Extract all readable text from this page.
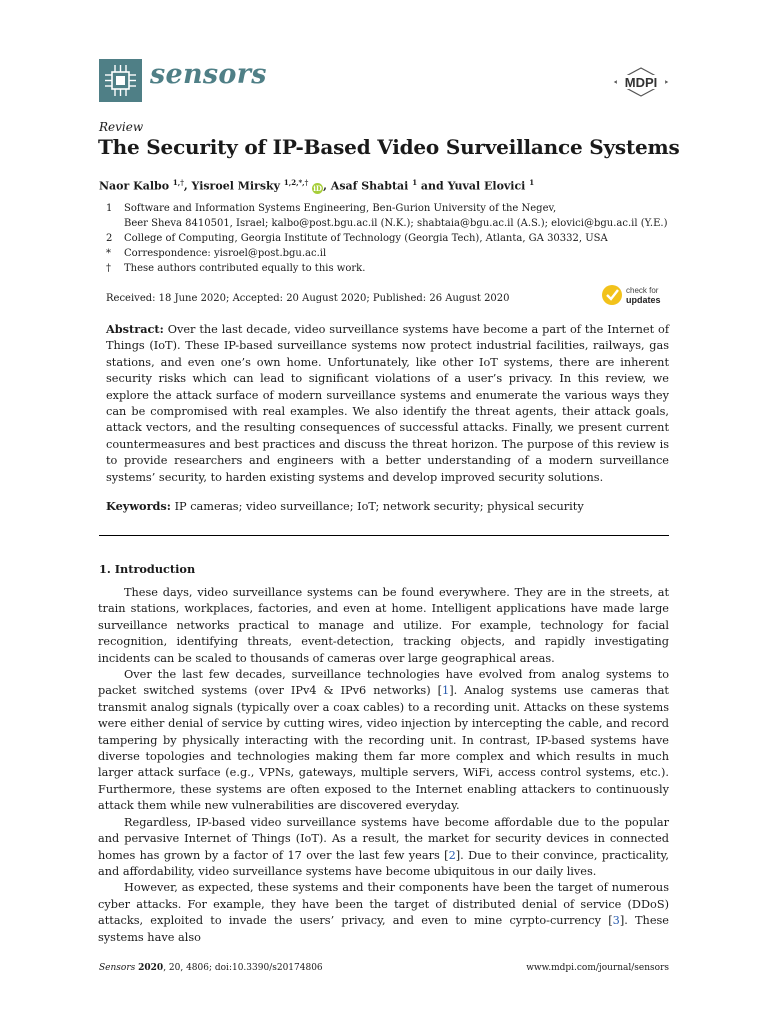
sensors	MDPI
Review
The Security of IP-Based Video Surveillance Systems
Naor Kalbo $^{1,\dagger}$, Yisroel Mirsky $^{1,2,*,\dagger}$ iD, Asaf Shabtai $^1$ and Yuval Elovici $^1$
1 Software and Information Systems Engineering, Ben-Gurion University of the Negev,
Beer Sheva 8410501, Israel; kalbo@post.bgu.ac.il (N.K.); shabtaia@bgu.ac.il (A.S.); elovici@bgu.ac.il (Y.E.)
2 College of Computing, Georgia Institute of Technology (Georgia Tech), Atlanta, GA 30332, USA
* Correspondence: yisroel@post.bgu.ac.il
† These authors contributed equally to this work.
Received: 18 June 2020; Accepted: 20 August 2020; Published: 26 August 2020
check for
updates
Abstract: Over the last decade, video surveillance systems have become a part of the Internet of Things (IoT). These IP-based surveillance systems now protect industrial facilities, railways, gas stations, and even one’s own home. Unfortunately, like other IoT systems, there are inherent security risks which can lead to significant violations of a user’s privacy. In this review, we explore the attack surface of modern surveillance systems and enumerate the various ways they can be compromised with real examples. We also identify the threat agents, their attack goals, attack vectors, and the resulting consequences of successful attacks. Finally, we present current countermeasures and best practices and discuss the threat horizon. The purpose of this review is to provide researchers and engineers with a better understanding of a modern surveillance systems’ security, to harden existing systems and develop improved security solutions.
Keywords: IP cameras; video surveillance; IoT; network security; physical security
1. Introduction

These days, video surveillance systems can be found everywhere. They are in the streets, at train stations, workplaces, factories, and even at home. Intelligent applications have made large surveillance networks practical to manage and utilize. For example, technology for facial recognition, identifying threats, event-detection, tracking objects, and rapidly investigating incidents can be scaled to thousands of cameras over large geographical areas.

Over the last few decades, surveillance technologies have evolved from analog systems to packet switched systems (over IPv4 & IPv6 networks) [1]. Analog systems use cameras that transmit analog signals (typically over a coax cables) to a recording unit. Attacks on these systems were either denial of service by cutting wires, video injection by intercepting the cable, and record tampering by physically interacting with the recording unit. In contrast, IP-based systems have diverse topologies and technologies making them far more complex and which results in much larger attack surface (e.g., VPNs, gateways, multiple servers, WiFi, access control systems, etc.). Furthermore, these systems are often exposed to the Internet enabling attackers to continuously attack them while new vulnerabilities are discovered everyday.

Regardless, IP-based video surveillance systems have become affordable due to the popular and pervasive Internet of Things (IoT). As a result, the market for security devices in connected homes has grown by a factor of 17 over the last few years [2]. Due to their convince, practicality, and affordability, video surveillance systems have become ubiquitous in our daily lives.

However, as expected, these systems and their components have been the target of numerous cyber attacks. For example, they have been the target of distributed denial of service (DDoS) attacks, exploited to invade the users’ privacy, and even to mine cyrpto-currency [3]. These systems have also

Sensors 2020, 20, 4806; doi:10.3390/s20174806	www.mdpi.com/journal/sensors
